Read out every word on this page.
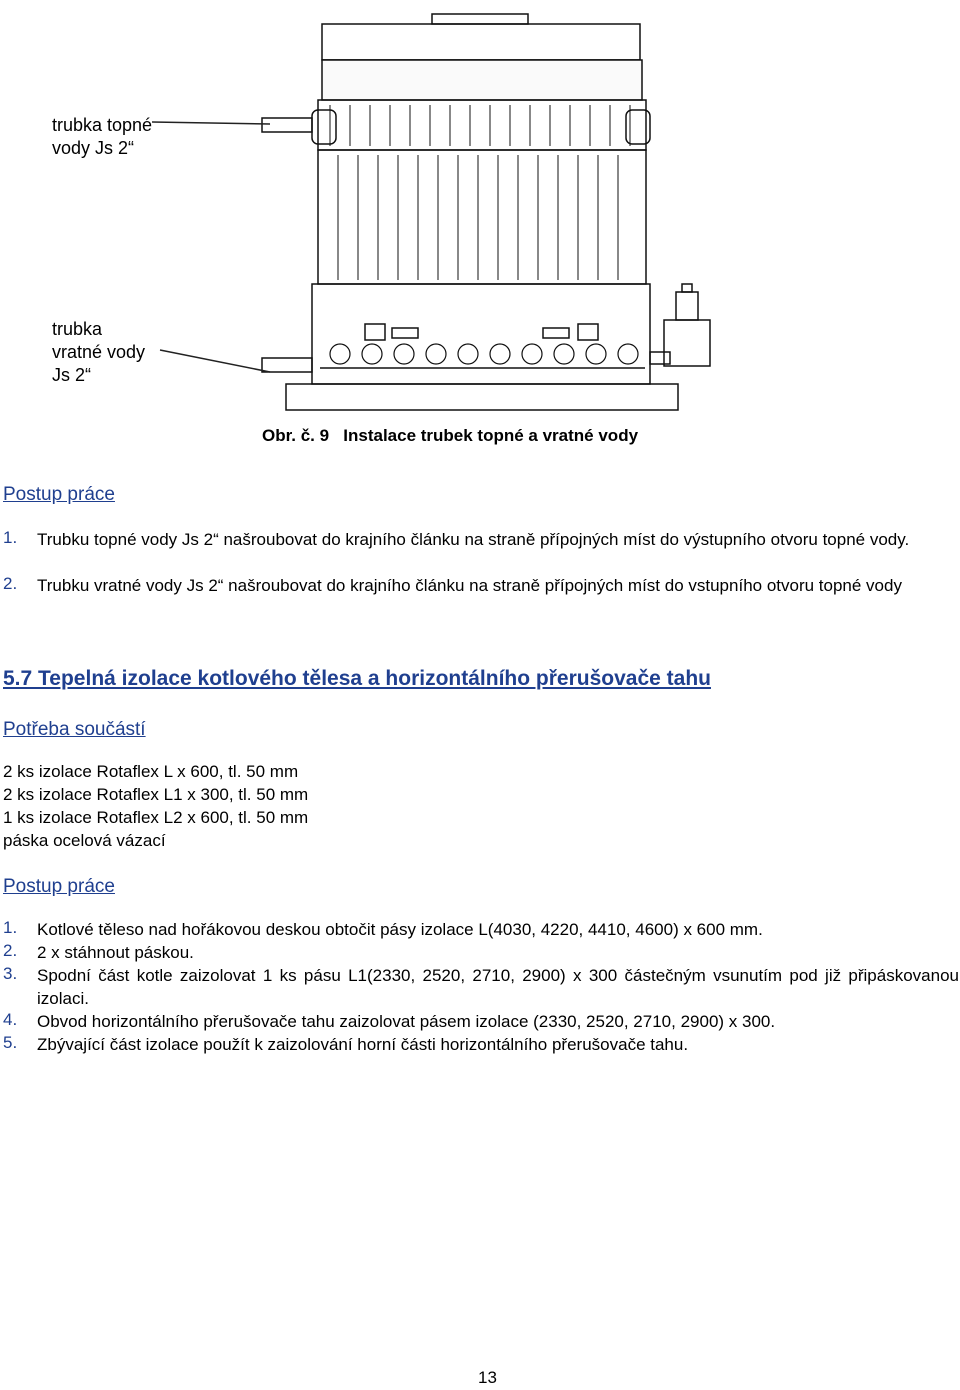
trubka topné
vody Js 2“
trubka
vratné vody
Js 2“
Obr. č. 9 Instalace trubek topné a vratné vody
Postup práce
1. Trubku topné vody Js 2“ našroubovat do krajního článku na straně přípojných míst do výstupního otvoru topné vody.
2. Trubku vratné vody Js 2“ našroubovat do krajního článku na straně přípojných míst do vstupního otvoru topné vody
5.7 Tepelná izolace kotlového tělesa a horizontálního přerušovače tahu
Potřeba součástí
2 ks izolace Rotaflex L x 600, tl. 50 mm
2 ks izolace Rotaflex L1 x 300, tl. 50 mm
1 ks izolace Rotaflex L2 x 600, tl. 50 mm
páska ocelová vázací
Postup práce
1. Kotlové těleso nad hořákovou deskou obtočit pásy izolace L(4030, 4220, 4410, 4600) x 600 mm.
2. 2 x stáhnout páskou.
3. Spodní část kotle zaizolovat 1 ks pásu L1(2330, 2520, 2710, 2900) x 300 částečným vsunutím pod již připáskovanou izolaci.
4. Obvod horizontálního přerušovače tahu zaizolovat pásem izolace (2330, 2520, 2710, 2900) x 300.
5. Zbývající část izolace použít k zaizolování horní části horizontálního přerušovače tahu.
13
